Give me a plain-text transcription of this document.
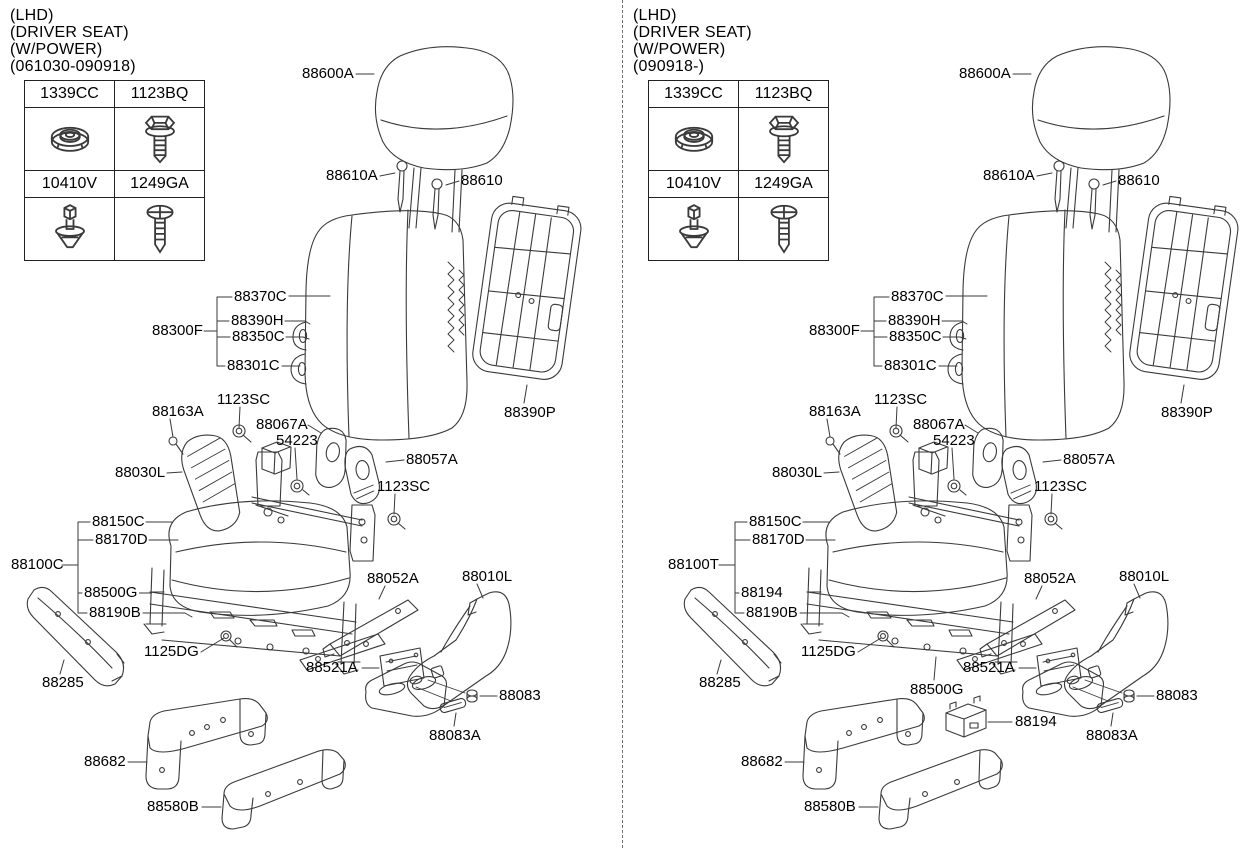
(LHD)
(DRIVER SEAT)
(W/POWER)
(061030-090918)
1339CC	1123BQ

10410V	1249GA

88600A
88610A	88610
88370C
88300F
88390H
88350C
88301C
88390P
88163A
1123SC
88067A
54223
88057A
88030L
1123SC
88150C
88170D
88100C
88500G
88190B
1125DG
88285
88052A	88010L
88521A
88083
88083A
88682
88580B
(LHD)
(DRIVER SEAT)
(W/POWER)
(090918-)
1339CC	1123BQ

10410V	1249GA

88600A
88610A	88610
88370C
88300F
88390H
88350C
88301C
88390P
88163A
1123SC
88067A
54223
88057A
88030L
1123SC
88150C
88170D
88100T
88194
88190B
1125DG
88285
88052A	88010L
88521A
88500G
88194
88083
88083A
88682
88580B
